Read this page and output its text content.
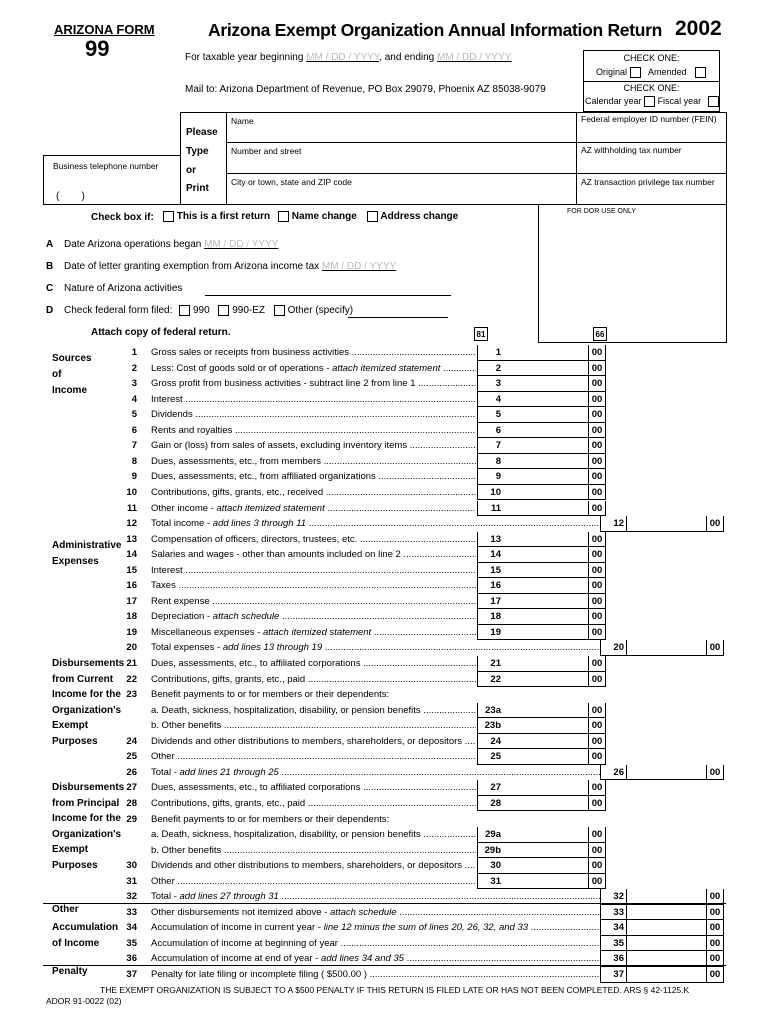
ARIZONA FORM
99
Arizona Exempt Organization Annual Information Return 2002
For taxable year beginning MM / DD / YYYY, and ending MM / DD / YYYY
Mail to: Arizona Department of Revenue, PO Box 29079, Phoenix AZ 85038-9079
CHECK ONE:
Original Amended
CHECK ONE:
Calendar year Fiscal year
Please
Type
or
Print
Name
Number and street
City or town, state and ZIP code
Federal employer ID number (FEIN)
AZ withholding tax number
AZ transaction privilege tax number
Business telephone number
(        )
Check box if:	This is a first return	Name change	Address change	FOR DOR USE ONLY
A Date Arizona operations began MM / DD / YYYY
B Date of letter granting exemption from Arizona income tax MM / DD / YYYY
C Nature of Arizona activities
D Check federal form filed: 990 990-EZ Other (specify)
Attach copy of federal return.	81	66
Sources
of
Income
Administrative
Expenses
Disbursements
from Current
Income for the
Organization's
Exempt
Purposes
Disbursements
from Principal
Income for the
Organization's
Exempt
Purposes
Other
Accumulation
of Income
Penalty
1 Gross sales or receipts from business activities .....	1	00
2 Less: Cost of goods sold or of operations - attach itemized statement .....	2	00
3 Gross profit from business activities - subtract line 2 from line 1 .....	3	00
4 Interest .....	4	00
5 Dividends .....	5	00
6 Rents and royalties .....	6	00
7 Gain or (loss) from sales of assets, excluding inventory items .....	7	00
8 Dues, assessments, etc., from members .....	8	00
9 Dues, assessments, etc., from affiliated organizations .....	9	00
10 Contributions, gifts, grants, etc., received .....	10	00
11 Other income - attach itemized statement .....	11	00
12 Total income - add lines 3 through 11 .....	12	00
13 Compensation of officers, directors, trustees, etc. .....	13	00
14 Salaries and wages - other than amounts included on line 2 .....	14	00
15 Interest .....	15	00
16 Taxes .....	16	00
17 Rent expense .....	17	00
18 Depreciation - attach schedule .....	18	00
19 Miscellaneous expenses - attach itemized statement .....	19	00
20 Total expenses - add lines 13 through 19 .....	20	00
21 Dues, assessments, etc., to affiliated corporations .....	21	00
22 Contributions, gifts, grants, etc., paid .....	22	00
23 Benefit payments to or for members or their dependents:
a. Death, sickness, hospitalization, disability, or pension benefits .....	23a	00
b. Other benefits .....	23b	00
24 Dividends and other distributions to members, shareholders, or depositors .....	24	00
25 Other .....	25	00
26 Total - add lines 21 through 25 .....	26	00
27 Dues, assessments, etc., to affiliated corporations .....	27	00
28 Contributions, gifts, grants, etc., paid .....	28	00
29 Benefit payments to or for members or their dependents:
a. Death, sickness, hospitalization, disability, or pension benefits .....	29a	00
b. Other benefits .....	29b	00
30 Dividends and other distributions to members, shareholders, or depositors .....	30	00
31 Other .....	31	00
32 Total - add lines 27 through 31 .....	32	00
33 Other disbursements not itemized above - attach schedule .....	33	00
34 Accumulation of income in current year - line 12 minus the sum of lines 20, 26, 32, and 33 .....	34	00
35 Accumulation of income at beginning of year .....	35	00
36 Accumulation of income at end of year - add lines 34 and 35 .....	36	00
37 Penalty for late filing or incomplete filing ( $500.00 ) .....	37	00
THE EXEMPT ORGANIZATION IS SUBJECT TO A $500 PENALTY IF THIS RETURN IS FILED LATE OR HAS NOT BEEN COMPLETED. ARS § 42-1125.K
ADOR 91-0022 (02)
